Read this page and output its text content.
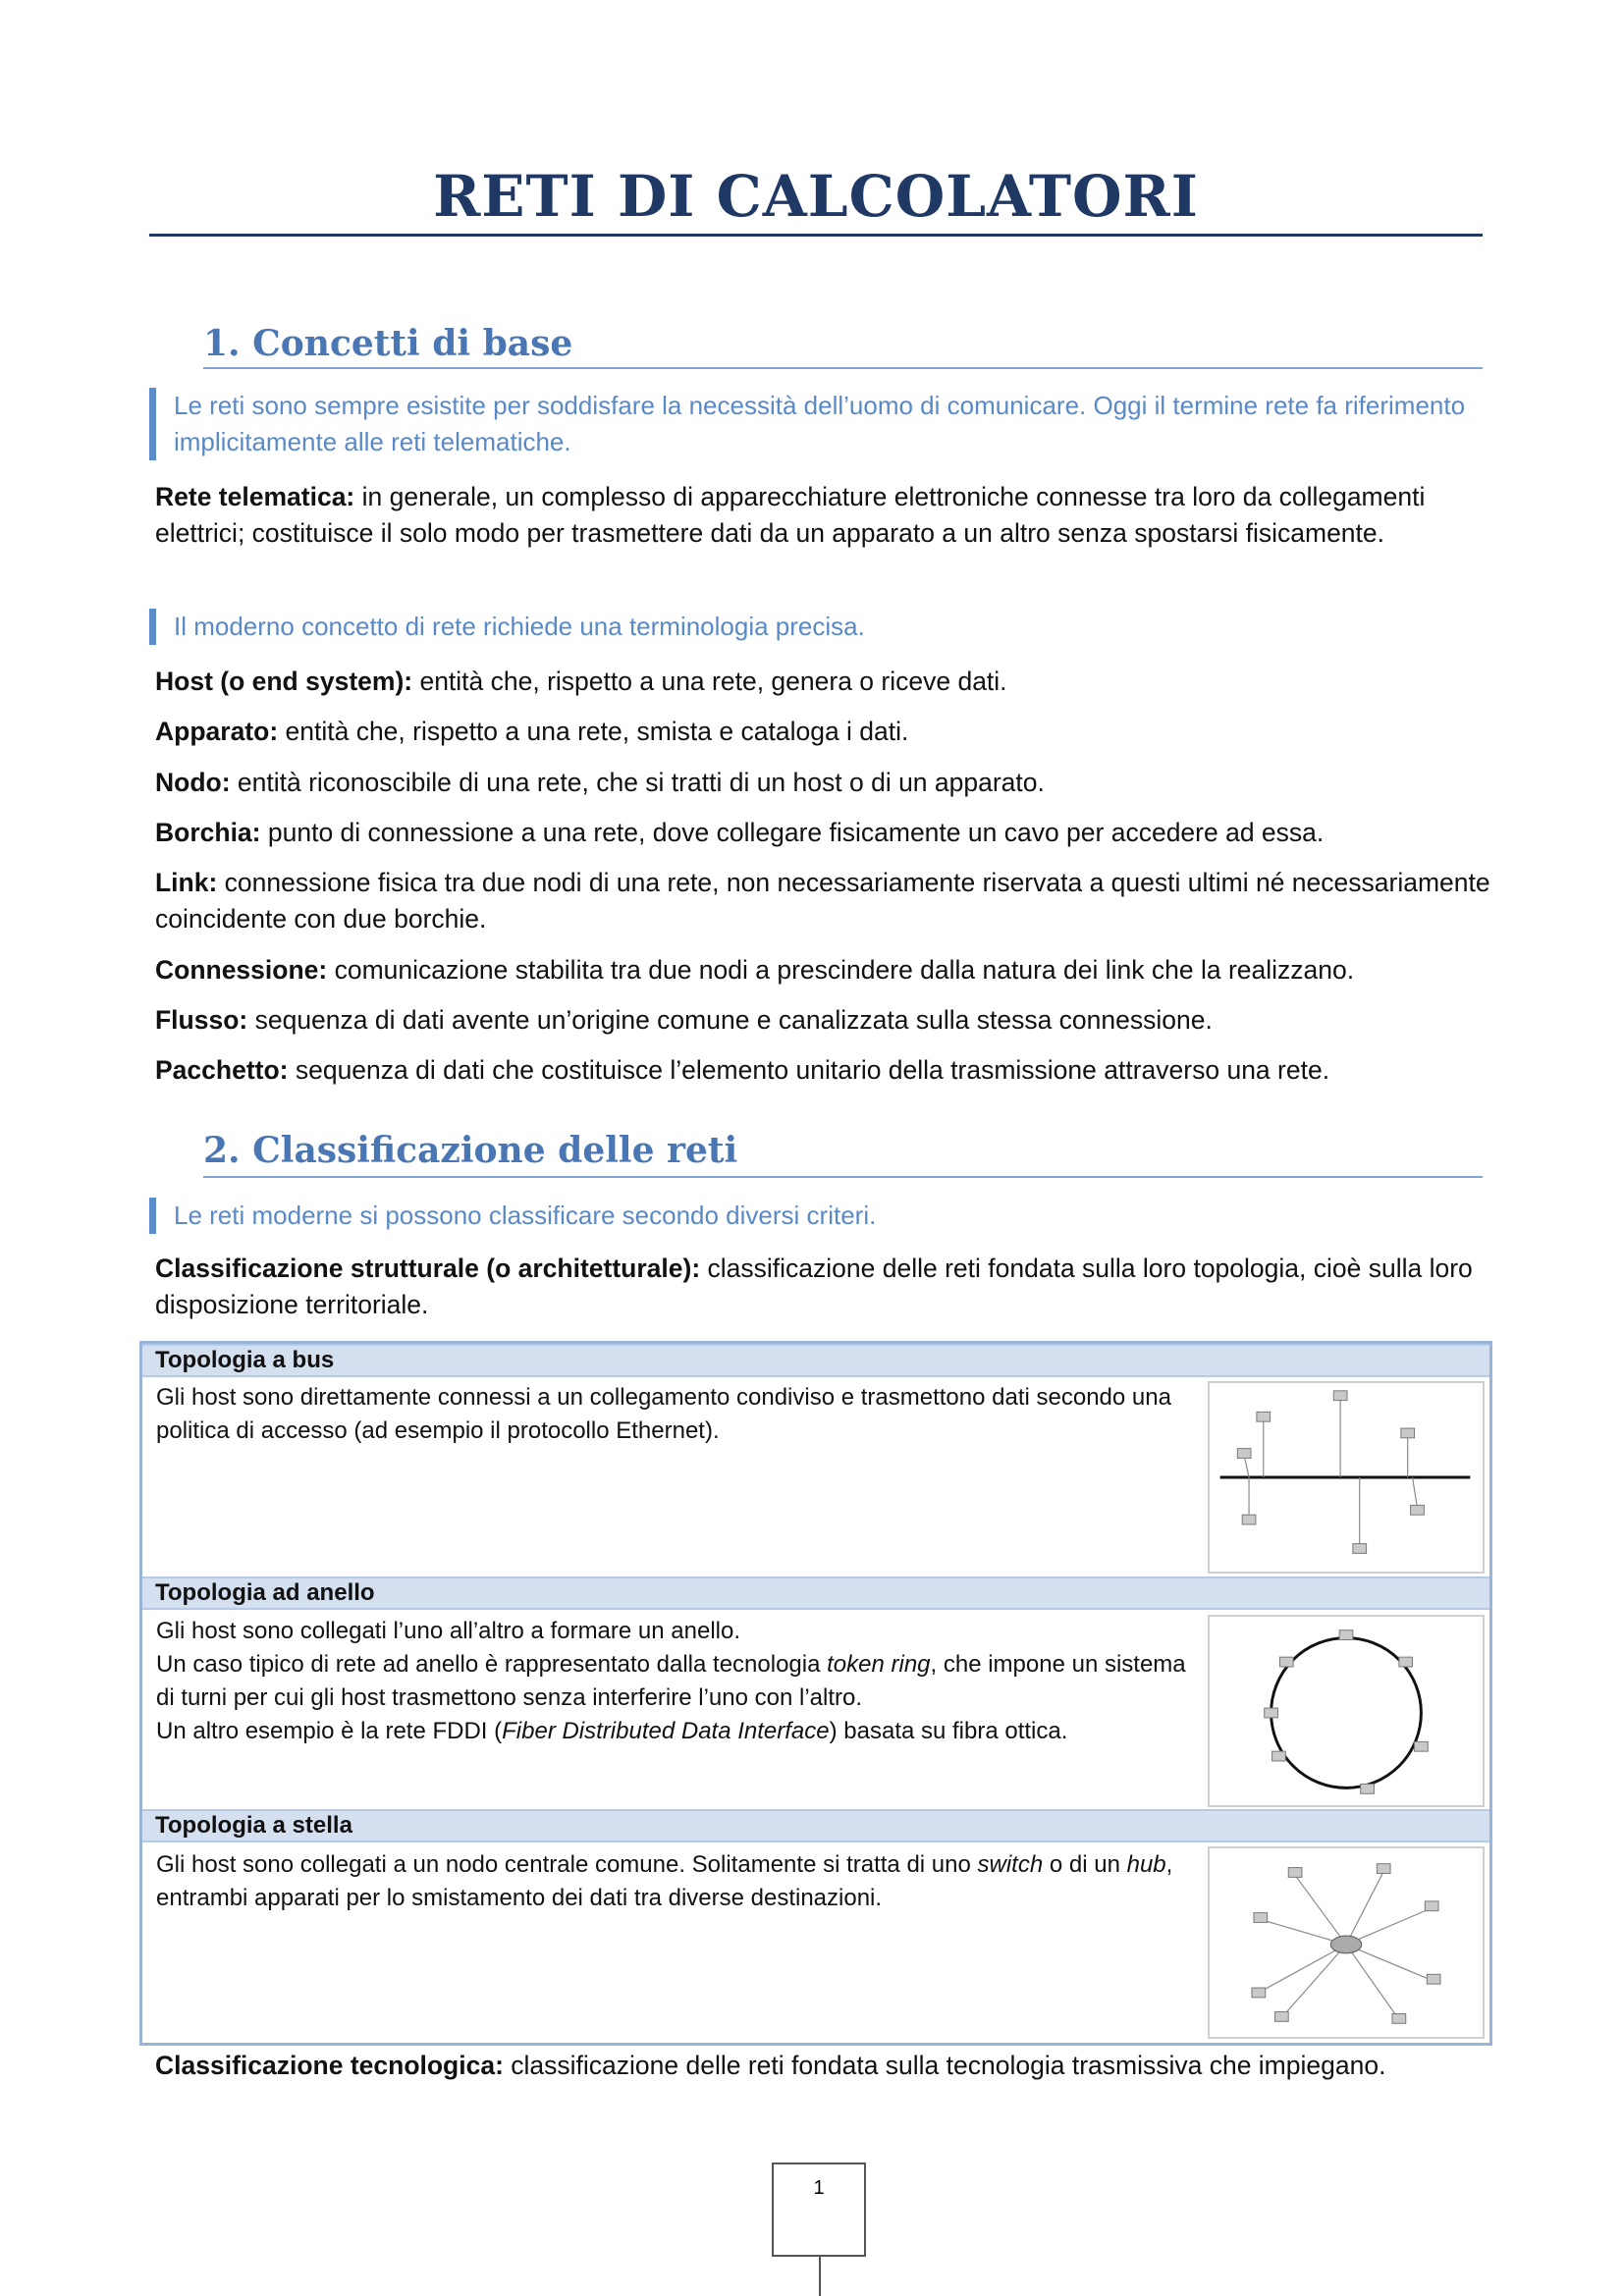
RETI DI CALCOLATORI
1. Concetti di base
Le reti sono sempre esistite per soddisfare la necessità dell’uomo di comunicare. Oggi il termine rete fa riferimento implicitamente alle reti telematiche.

Rete telematica: in generale, un complesso di apparecchiature elettroniche connesse tra loro da collegamenti elettrici; costituisce il solo modo per trasmettere dati da un apparato a un altro senza spostarsi fisicamente.

Il moderno concetto di rete richiede una terminologia precisa.

Host (o end system): entità che, rispetto a una rete, genera o riceve dati.

Apparato: entità che, rispetto a una rete, smista e cataloga i dati.

Nodo: entità riconoscibile di una rete, che si tratti di un host o di un apparato.

Borchia: punto di connessione a una rete, dove collegare fisicamente un cavo per accedere ad essa.

Link: connessione fisica tra due nodi di una rete, non necessariamente riservata a questi ultimi né necessariamente coincidente con due borchie.

Connessione: comunicazione stabilita tra due nodi a prescindere dalla natura dei link che la realizzano.

Flusso: sequenza di dati avente un’origine comune e canalizzata sulla stessa connessione.

Pacchetto: sequenza di dati che costituisce l’elemento unitario della trasmissione attraverso una rete.

2. Classificazione delle reti
Le reti moderne si possono classificare secondo diversi criteri.

Classificazione strutturale (o architetturale): classificazione delle reti fondata sulla loro topologia, cioè sulla loro disposizione territoriale.

Topologia a bus
Gli host sono direttamente connessi a un collegamento condiviso e trasmettono dati secondo una politica di accesso (ad esempio il protocollo Ethernet).
Topologia ad anello
Gli host sono collegati l’uno all’altro a formare un anello.
Un caso tipico di rete ad anello è rappresentato dalla tecnologia token ring, che impone un sistema di turni per cui gli host trasmettono senza interferire l’uno con l’altro.
Un altro esempio è la rete FDDI (Fiber Distributed Data Interface) basata su fibra ottica.
Topologia a stella
Gli host sono collegati a un nodo centrale comune. Solitamente si tratta di uno switch o di un hub, entrambi apparati per lo smistamento dei dati tra diverse destinazioni.

Classificazione tecnologica: classificazione delle reti fondata sulla tecnologia trasmissiva che impiegano.

1
